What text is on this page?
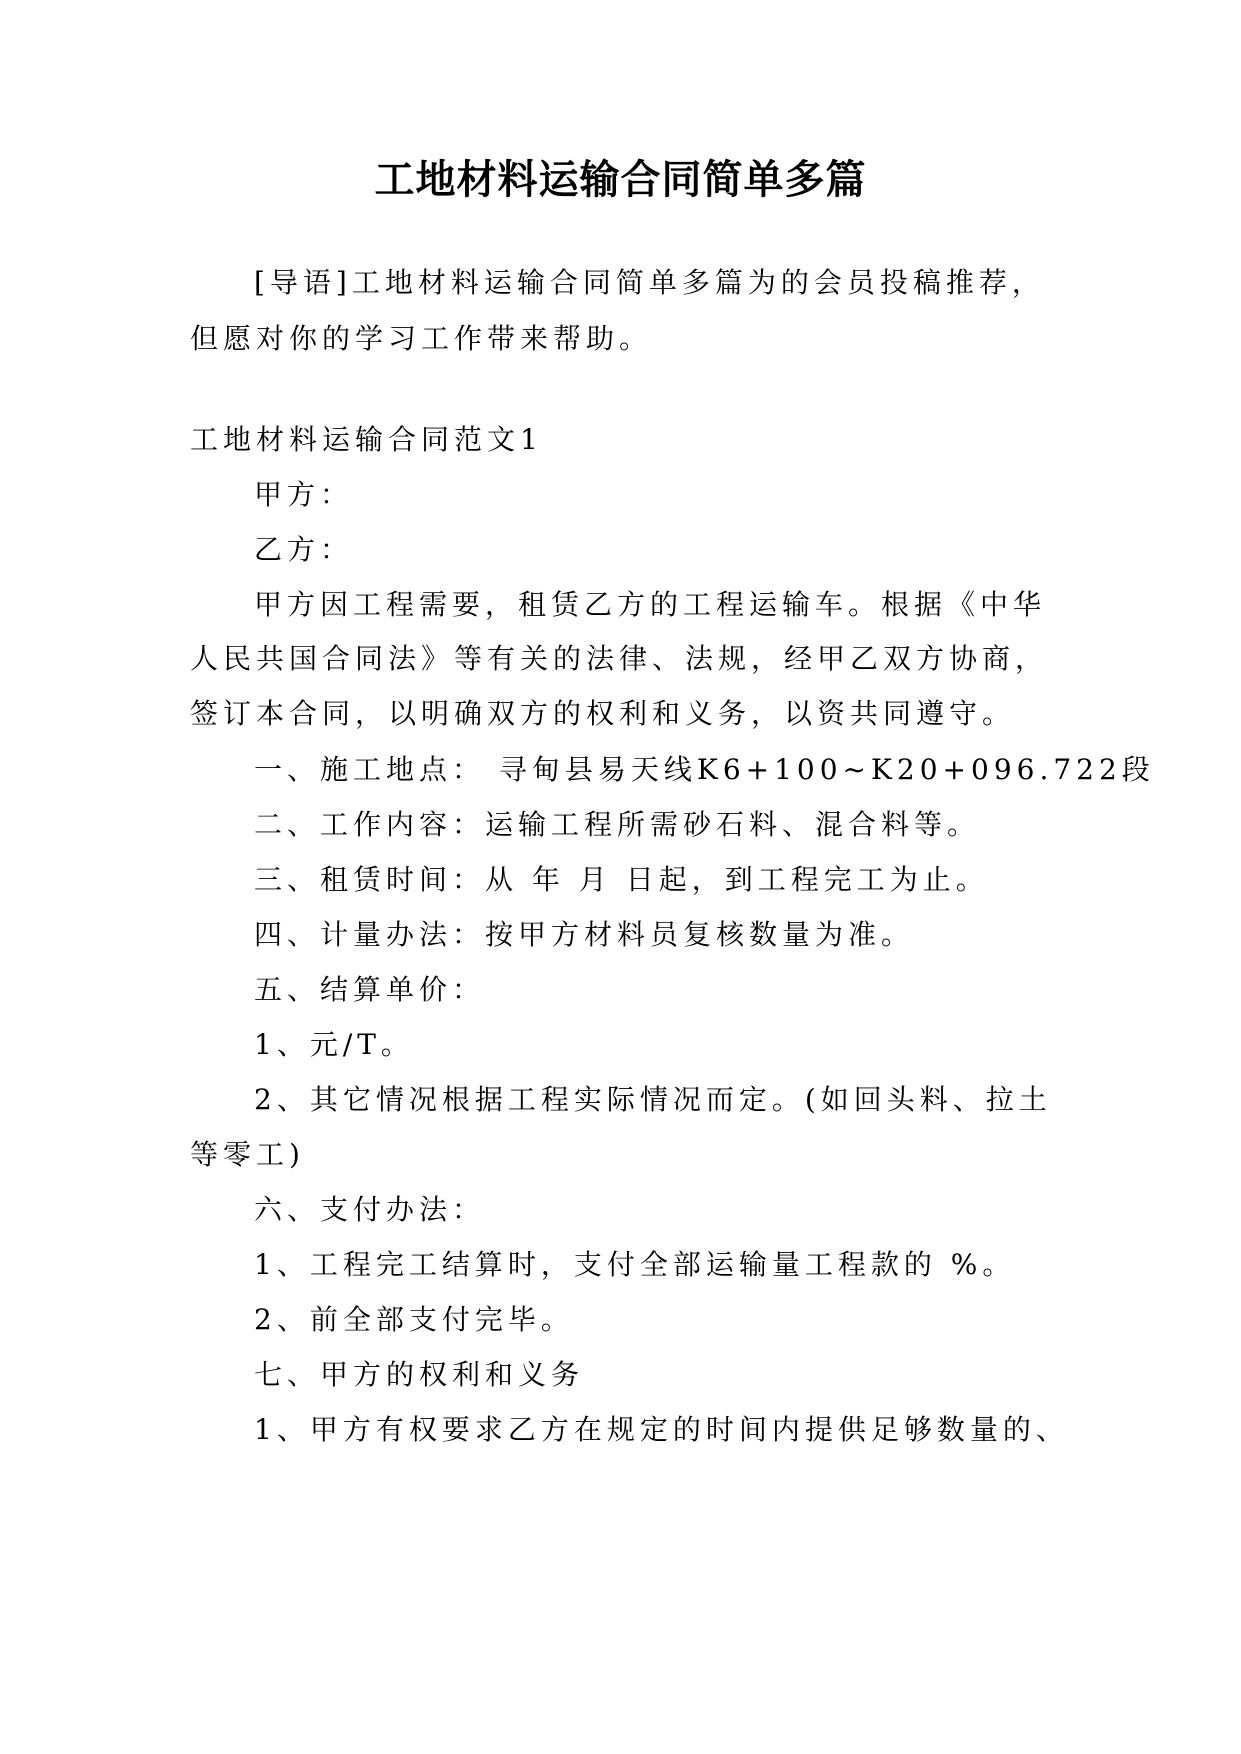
工地材料运输合同简单多篇

[导语]工地材料运输合同简单多篇为的会员投稿推荐，

但愿对你的学习工作带来帮助。

工地材料运输合同范文1

甲方：

乙方：

甲方因工程需要，租赁乙方的工程运输车。根据《中华

人民共国合同法》等有关的法律、法规，经甲乙双方协商，

签订本合同，以明确双方的权利和义务，以资共同遵守。

一、施工地点： 寻甸县易天线K6+100~K20+096.722段

二、工作内容：运输工程所需砂石料、混合料等。

三、租赁时间：从 年 月 日起，到工程完工为止。

四、计量办法：按甲方材料员复核数量为准。

五、结算单价：

1、元/T。

2、其它情况根据工程实际情况而定。(如回头料、拉土

等零工)

六、支付办法：

1、工程完工结算时，支付全部运输量工程款的 %。

2、前全部支付完毕。

七、甲方的权利和义务

1、甲方有权要求乙方在规定的时间内提供足够数量的、
